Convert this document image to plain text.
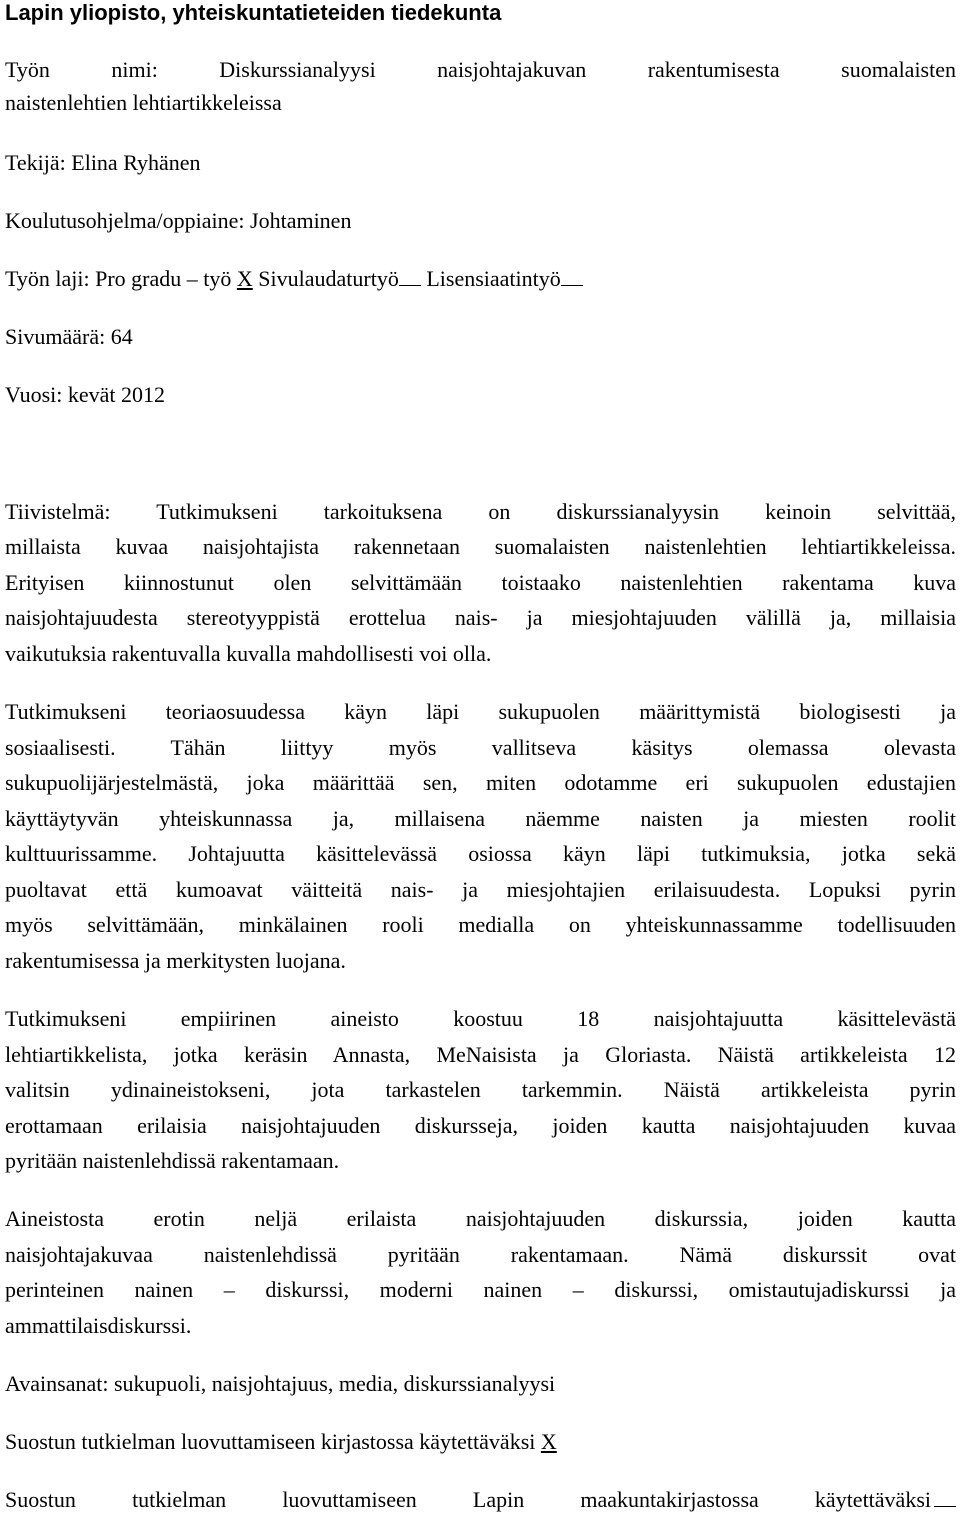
Lapin yliopisto, yhteiskuntatieteiden tiedekunta
Työn nimi: Diskurssianalyysi naisjohtajakuvan rakentumisesta suomalaisten
naistenlehtien lehtiartikkeleissa
Tekijä: Elina Ryhänen
Koulutusohjelma/oppiaine: Johtaminen
Työn laji: Pro gradu – työ X Sivulaudaturtyö Lisensiaatintyö
Sivumäärä: 64
Vuosi: kevät 2012
Tiivistelmä: Tutkimukseni tarkoituksena on diskurssianalyysin keinoin selvittää,
millaista kuvaa naisjohtajista rakennetaan suomalaisten naistenlehtien lehtiartikkeleissa.
Erityisen kiinnostunut olen selvittämään toistaako naistenlehtien rakentama kuva
naisjohtajuudesta stereotyyppistä erottelua nais- ja miesjohtajuuden välillä ja, millaisia
vaikutuksia rakentuvalla kuvalla mahdollisesti voi olla.
Tutkimukseni teoriaosuudessa käyn läpi sukupuolen määrittymistä biologisesti ja
sosiaalisesti. Tähän liittyy myös vallitseva käsitys olemassa olevasta
sukupuolijärjestelmästä, joka määrittää sen, miten odotamme eri sukupuolen edustajien
käyttäytyvän yhteiskunnassa ja, millaisena näemme naisten ja miesten roolit
kulttuurissamme. Johtajuutta käsittelevässä osiossa käyn läpi tutkimuksia, jotka sekä
puoltavat että kumoavat väitteitä nais- ja miesjohtajien erilaisuudesta. Lopuksi pyrin
myös selvittämään, minkälainen rooli medialla on yhteiskunnassamme todellisuuden
rakentumisessa ja merkitysten luojana.
Tutkimukseni empiirinen aineisto koostuu 18 naisjohtajuutta käsittelevästä
lehtiartikkelista, jotka keräsin Annasta, MeNaisista ja Gloriasta. Näistä artikkeleista 12
valitsin ydinaineistokseni, jota tarkastelen tarkemmin. Näistä artikkeleista pyrin
erottamaan erilaisia naisjohtajuuden diskursseja, joiden kautta naisjohtajuuden kuvaa
pyritään naistenlehdissä rakentamaan.
Aineistosta erotin neljä erilaista naisjohtajuuden diskurssia, joiden kautta
naisjohtajakuvaa naistenlehdissä pyritään rakentamaan. Nämä diskurssit ovat
perinteinen nainen – diskurssi, moderni nainen – diskurssi, omistautujadiskurssi ja
ammattilaisdiskurssi.
Avainsanat: sukupuoli, naisjohtajuus, media, diskurssianalyysi
Suostun tutkielman luovuttamiseen kirjastossa käytettäväksi X
Suostun tutkielman luovuttamiseen Lapin maakuntakirjastossa käytettäväksi
